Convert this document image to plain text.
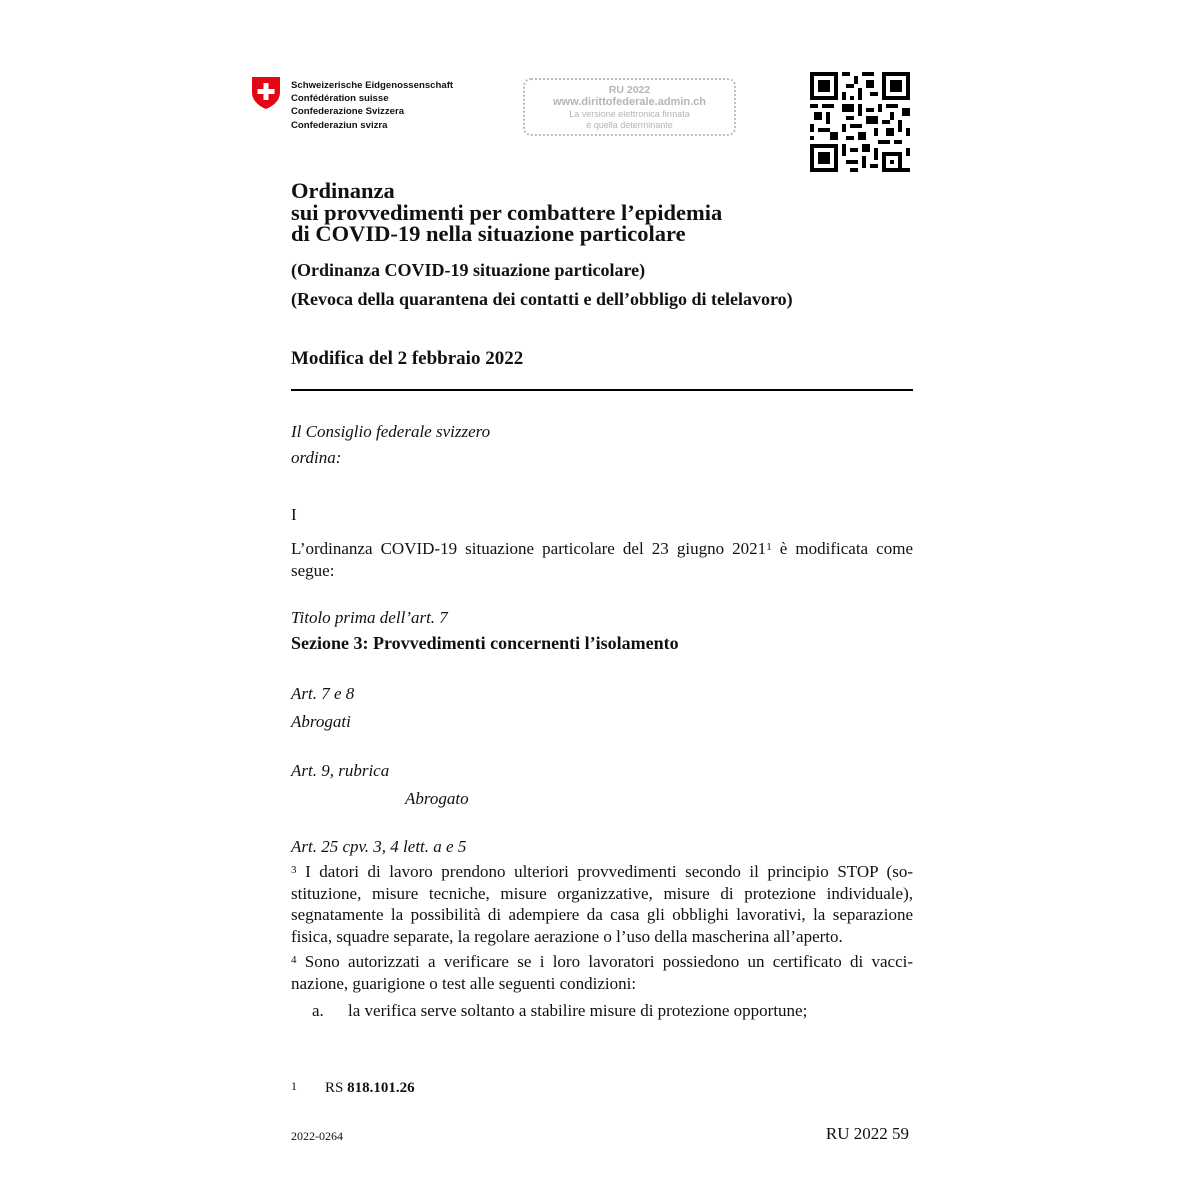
Schweizerische Eidgenossenschaft
Confédération suisse
Confederazione Svizzera
Confederaziun svizra
RU 2022
www.dirittofederale.admin.ch
La versione elettronica firmata
è quella determinante
Ordinanza
sui provvedimenti per combattere l’epidemia
di COVID-19 nella situazione particolare
(Ordinanza COVID-19 situazione particolare)
(Revoca della quarantena dei contatti e dell’obbligo di telelavoro)
Modifica del 2 febbraio 2022
Il Consiglio federale svizzero
ordina:
I
L’ordinanza COVID-19 situazione particolare del 23 giugno 2021$^1$ è modificata come
segue:
Titolo prima dell’art. 7
Sezione 3: Provvedimenti concernenti l’isolamento
Art. 7 e 8
Abrogati
Art. 9, rubrica
Abrogato
Art. 25 cpv. 3, 4 lett. a e 5
$^3$ I datori di lavoro prendono ulteriori provvedimenti secondo il principio STOP (so-
stituzione, misure tecniche, misure organizzative, misure di protezione individuale),
segnatamente la possibilità di adempiere da casa gli obblighi lavorativi, la separazione
fisica, squadre separate, la regolare aerazione o l’uso della mascherina all’aperto.
$^4$ Sono autorizzati a verificare se i loro lavoratori possiedono un certificato di vacci-
nazione, guarigione o test alle seguenti condizioni:
a. la verifica serve soltanto a stabilire misure di protezione opportune;
1 RS 818.101.26
2022-0264	RU 2022 59
